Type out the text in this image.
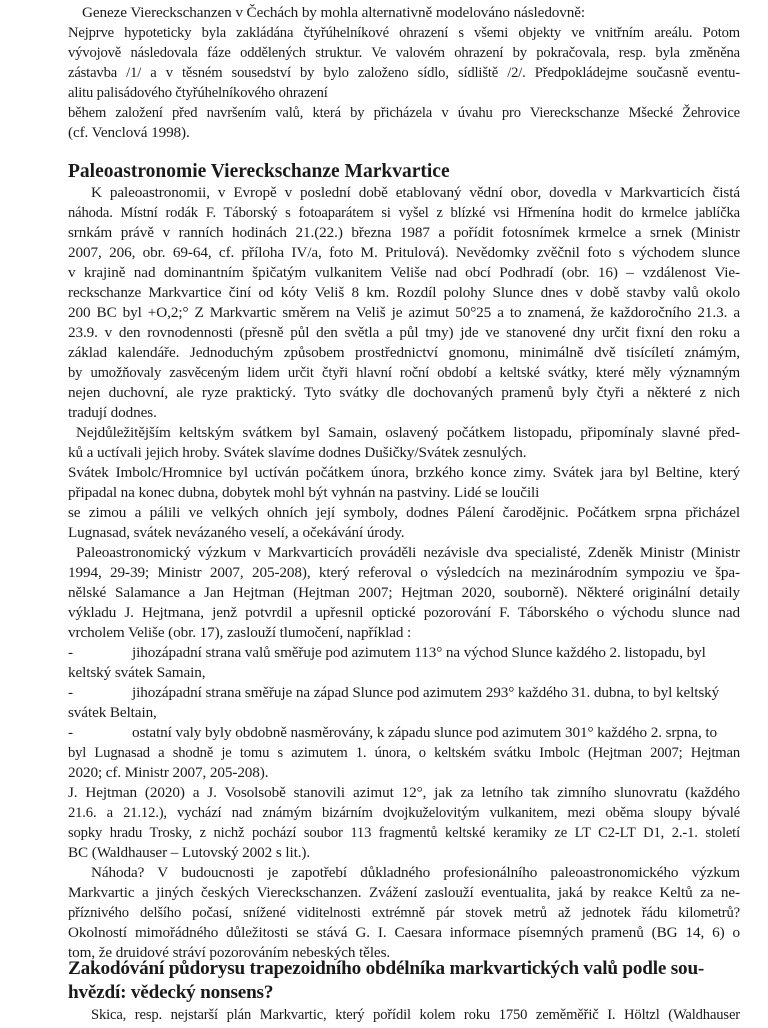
Geneze Viereckschanzen v Čechách by mohla alternativně modelováno následovně:
Nejprve hypoteticky byla zakládána čtyřúhelníkové ohrazení s všemi objekty ve vnitřním areálu. Potom
vývojově následovala fáze oddělených struktur. Ve valovém ohrazení by pokračovala, resp. byla změněna
zástavba /1/ a v těsném sousedství by bylo založeno sídlo, sídliště /2/. Předpokládejme současně eventu-
alitu palisádového čtyřúhelníkového ohrazení
během založení před navršením valů, která by přicházela v úvahu pro Viereckschanze Mšecké Žehrovice
(cf. Venclová 1998).
Paleoastronomie Viereckschanze Markvartice
K paleoastronomii, v Evropě v poslední době etablovaný vědní obor, dovedla v Markvarticích čistá
náhoda. Místní rodák F. Táborský s fotoaparátem si vyšel z blízké vsi Hřmenína hodit do krmelce jablíčka
srnkám právě v ranních hodinách 21.(22.) března 1987 a pořídit fotosnímek krmelce a srnek (Ministr
2007, 206, obr. 69-64, cf. příloha IV/a, foto M. Pritulová). Nevědomky zvěčnil foto s východem slunce
v krajině nad dominantním špičatým vulkanitem Veliše nad obcí Podhradí (obr. 16) – vzdálenost Vie-
reckschanze Markvartice činí od kóty Veliš 8 km. Rozdíl polohy Slunce dnes v době stavby valů okolo
200 BC byl +O,2;° Z Markvartic směrem na Veliš je azimut 50°25 a to znamená, že každoročního 21.3. a
23.9. v den rovnodennosti (přesně půl den světla a půl tmy) jde ve stanovené dny určit fixní den roku a
základ kalendáře. Jednoduchým způsobem prostřednictví gnomonu, minimálně dvě tisícíletí známým,
by umožňovaly zasvěceným lidem určit čtyři hlavní roční období a keltské svátky, které měly významným
nejen duchovní, ale ryze praktický. Tyto svátky dle dochovaných pramenů byly čtyři a některé z nich
tradují dodnes.
Nejdůležitějším keltským svátkem byl Samain, oslavený počátkem listopadu, připomínaly slavné před-
ků a uctívali jejich hroby. Svátek slavíme dodnes Dušičky/Svátek zesnulých.
Svátek Imbolc/Hromnice byl uctíván počátkem února, brzkého konce zimy. Svátek jara byl Beltine, který
připadal na konec dubna, dobytek mohl být vyhnán na pastviny. Lidé se loučili
se zimou a pálili ve velkých ohních její symboly, dodnes Pálení čarodějnic. Počátkem srpna přicházel
Lugnasad, svátek nevázaného veselí, a očekávání úrody.
Paleoastronomický výzkum v Markvarticích prováděli nezávisle dva specialisté, Zdeněk Ministr (Ministr
1994, 29-39; Ministr 2007, 205-208), který referoval o výsledcích na mezinárodním sympoziu ve špa-
nělské Salamance a Jan Hejtman (Hejtman 2007; Hejtman 2020, souborně). Některé originální detaily
výkladu J. Hejtmana, jenž potvrdil a upřesnil optické pozorování F. Táborského o východu slunce nad
vrcholem Veliše (obr. 17), zaslouží tlumočení, například :
-	jihozápadní strana valů směřuje pod azimutem 113° na východ Slunce každého 2. listopadu, byl
keltský svátek Samain,
-	jihozápadní strana směřuje na západ Slunce pod azimutem 293° každého 31. dubna, to byl keltský
svátek Beltain,
-	ostatní valy byly obdobně nasměrovány, k západu slunce pod azimutem 301° každého 2. srpna, to
byl Lugnasad a shodně je tomu s azimutem 1. února, o keltském svátku Imbolc (Hejtman 2007; Hejtman
2020; cf. Ministr 2007, 205-208).
J. Hejtman (2020) a J. Vosolsobě stanovili azimut 12°, jak za letního tak zimního slunovratu (každého
21.6. a 21.12.), vychází nad známým bizárním dvojkuželovitým vulkanitem, mezi oběma sloupy bývalé
sopky hradu Trosky, z nichž pochází soubor 113 fragmentů keltské keramiky ze LT C2-LT D1, 2.-1. století
BC (Waldhauser – Lutovský 2002 s lit.).
Náhoda? V budoucnosti je zapotřebí důkladného profesionálního paleoastronomického výzkum
Markvartic a jiných českých Viereckschanzen. Zvážení zaslouží eventualita, jaká by reakce Keltů za ne-
příznivého delšího počasí, snížené viditelnosti extrémně pár stovek metrů až jednotek řádu kilometrů?
Okolností mimořádného důležitosti se stává G. I. Caesara informace písemných pramenů (BG 14, 6) o
tom, že druidové stráví pozorováním nebeských těles.
Zakodóvání půdorysu trapezoidního obdélníka markvartických valů podle sou-
hvězdí: vědecký nonsens?
Skica, resp. nejstarší plán Markvartic, který pořídil kolem roku 1750 zeměměřič I. Höltzl (Waldhauser
